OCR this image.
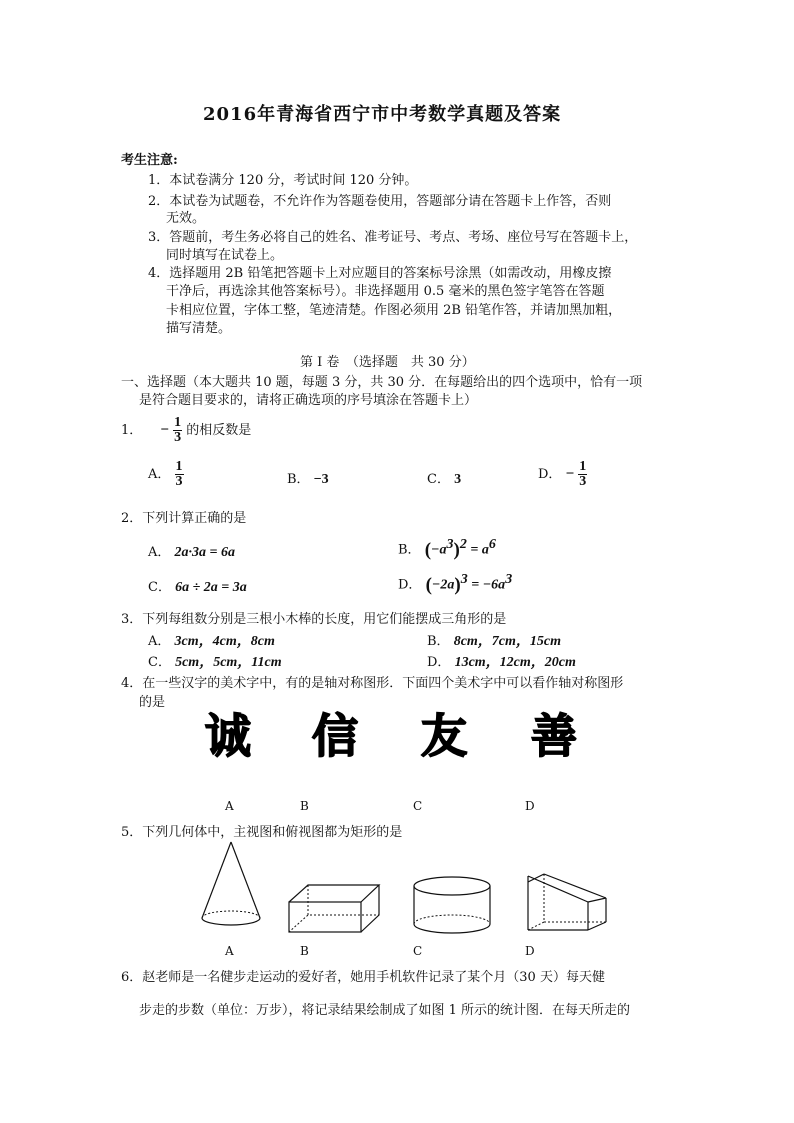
2016年青海省西宁市中考数学真题及答案
考生注意:
1．本试卷满分 120 分，考试时间 120 分钟。
2．本试卷为试题卷，不允许作为答题卷使用，答题部分请在答题卡上作答，否则
无效。
3．答题前，考生务必将自己的姓名、准考证号、考点、考场、座位号写在答题卡上，
同时填写在试卷上。
4．选择题用 2B 铅笔把答题卡上对应题目的答案标号涂黑（如需改动，用橡皮擦
干净后，再选涂其他答案标号）。非选择题用 0.5 毫米的黑色签字笔答在答题
卡相应位置，字体工整，笔迹清楚。作图必须用 2B 铅笔作答，并请加黑加粗，
描写清楚。
第 I 卷　（选择题　共 30 分）
一、选择题（本大题共 10 题，每题 3 分，共 30 分．在每题给出的四个选项中，恰有一项
是符合题目要求的，请将正确选项的序号填涂在答题卡上）
1． − $\frac{1}{3}$ 的相反数是
A． $\frac{1}{3}$	B． −3	C． 3	D． − $\frac{1}{3}$
2．下列计算正确的是
A． 2a·3a = 6a	B． $(-a^3)^2 = a^6$
C． 6a ÷ 2a = 3a	D． $(-2a)^3 = -6a^3$
3．下列每组数分别是三根小木棒的长度，用它们能摆成三角形的是
A． 3cm，4cm，8cm	B． 8cm，7cm，15cm
C． 5cm，5cm，11cm	D． 13cm，12cm，20cm
4．在一些汉字的美术字中，有的是轴对称图形．下面四个美术字中可以看作轴对称图形
的是
诚 信 友 善
A	B	C	D
5．下列几何体中，主视图和俯视图都为矩形的是
A	B	C	D
6．赵老师是一名健步走运动的爱好者，她用手机软件记录了某个月（30 天）每天健
步走的步数（单位：万步），将记录结果绘制成了如图 1 所示的统计图．在每天所走的
